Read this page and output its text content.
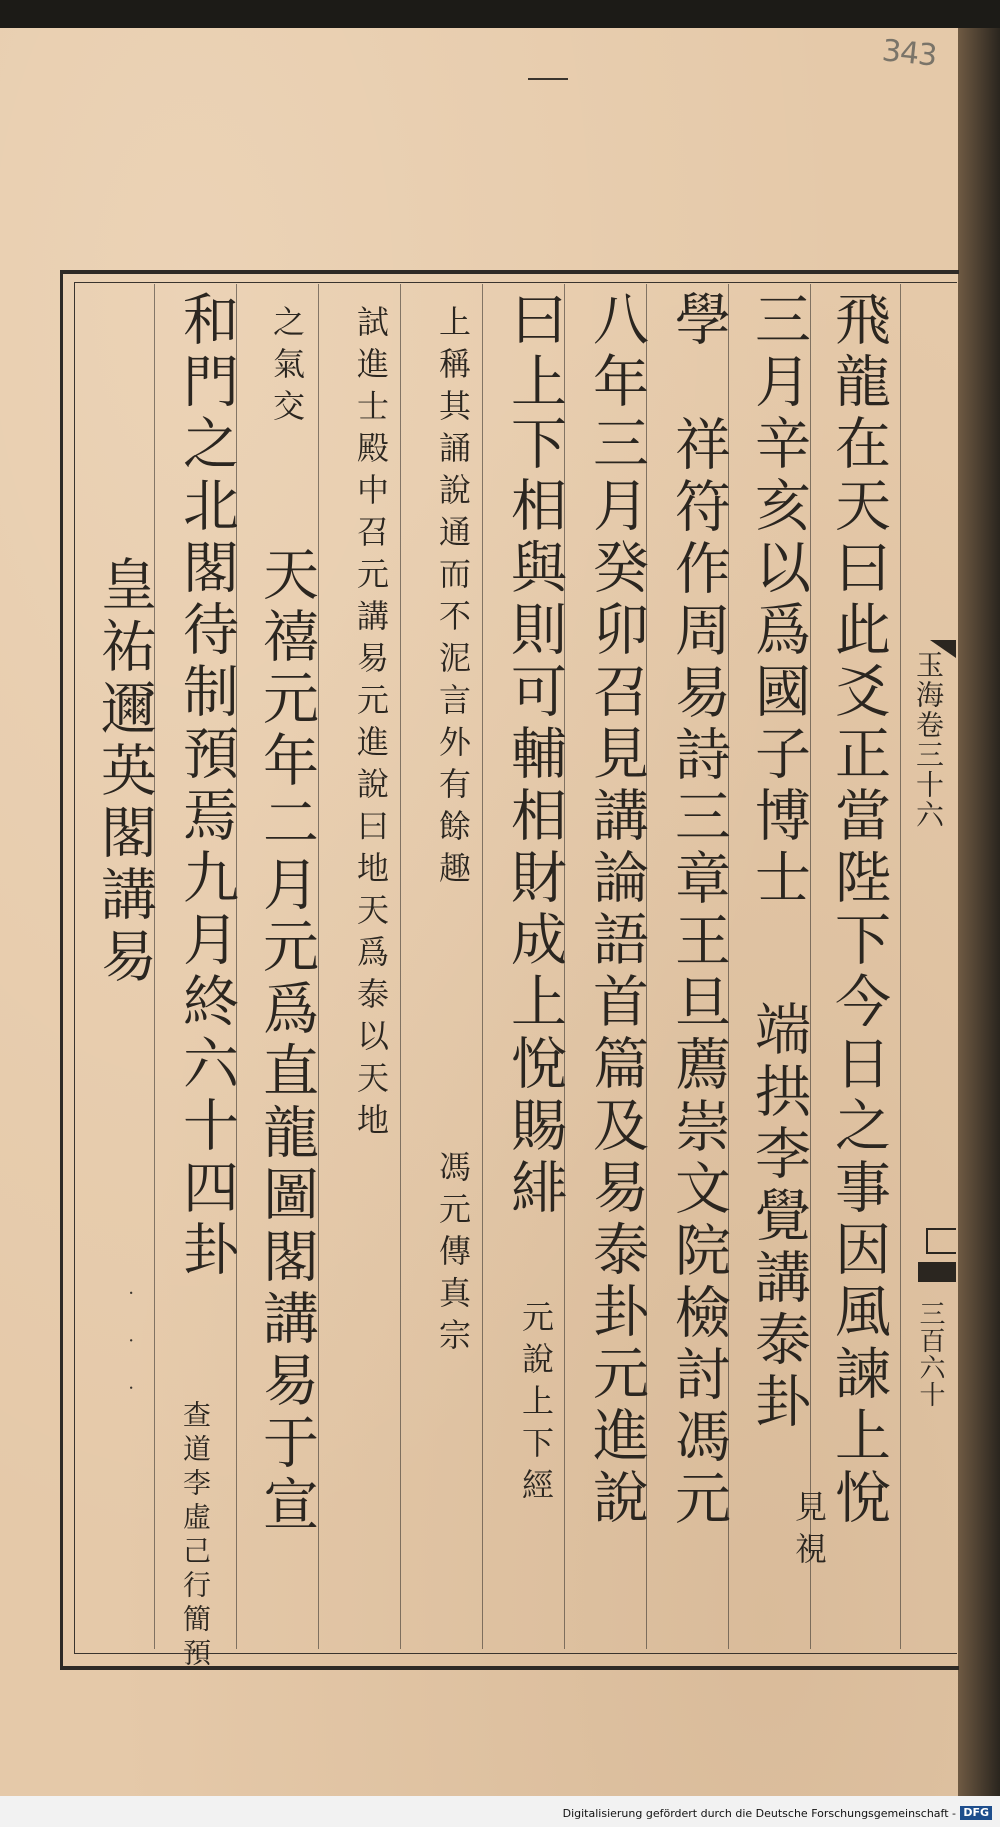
343
玉海卷三十六
三百六十
飛龍在天曰此爻正當陛下今日之事因風諫上悅
三月辛亥以爲國子博士
端拱李覺講泰卦
見視
學
祥符作周易詩三章王旦薦崇文院檢討馮元
八年三月癸卯召見講論語首篇及易泰卦元進說
曰上下相與則可輔相財成上悅賜緋
元說上下經
上稱其誦說通而不泥言外有餘趣
馮元傳真宗
試進士殿中召元講易元進說曰地天爲泰以天地
之氣交
天禧元年二月元爲直龍圖閣講易于宣
和門之北閣待制預焉九月終六十四卦
查道李虛己行簡預
皇祐邇英閣講易
· · ·
Digitalisierung gefördert durch die Deutsche Forschungsgemeinschaft - DFG
